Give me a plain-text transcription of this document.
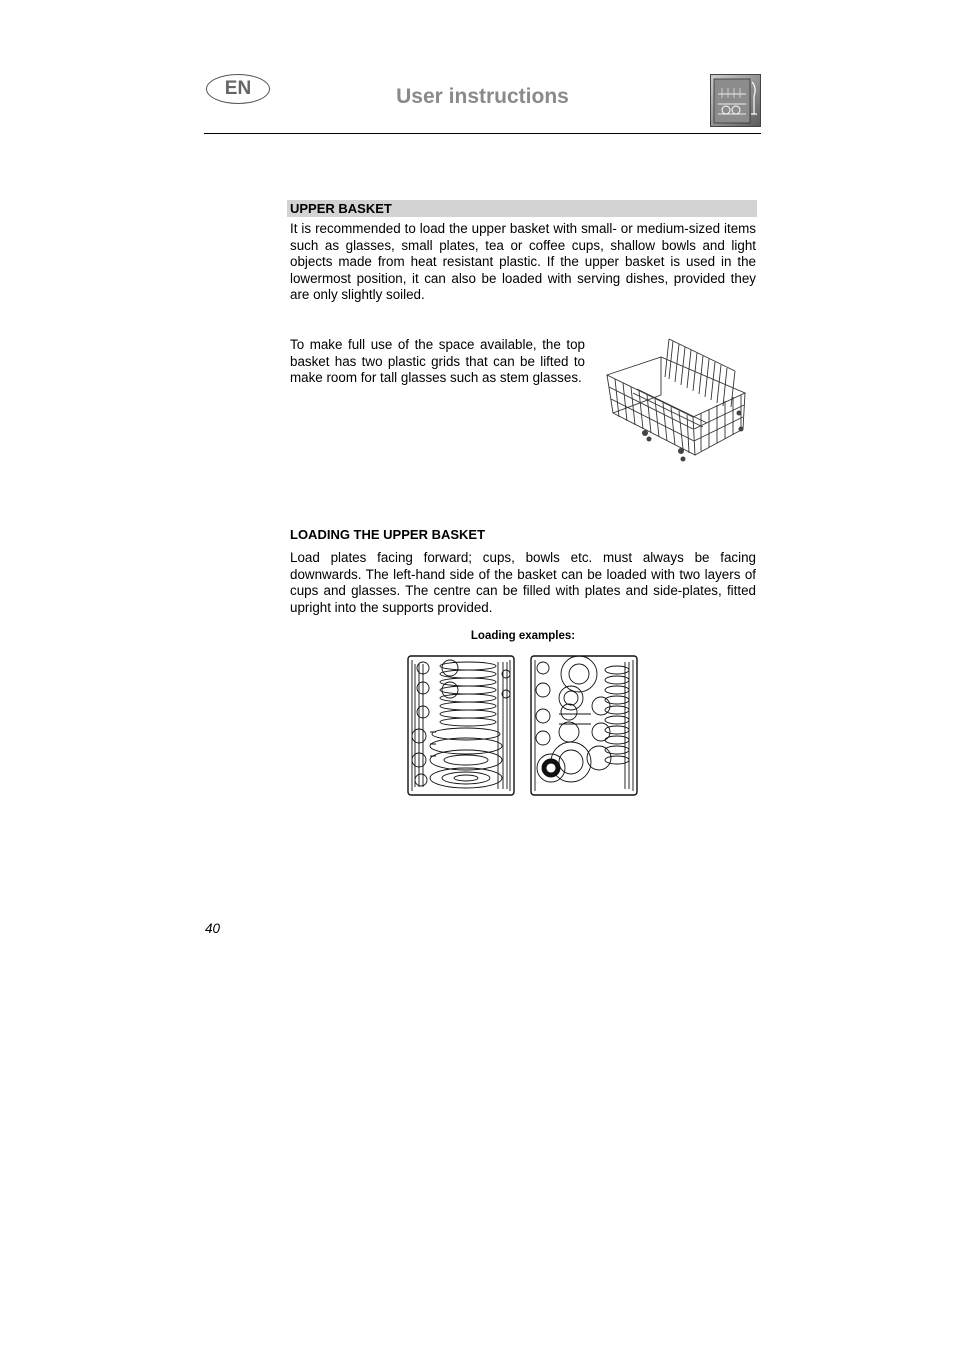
EN	User instructions
UPPER BASKET

It is recommended to load the upper basket with small- or medium-sized items such as glasses, small plates, tea or coffee cups, shallow bowls and light objects made from heat resistant plastic. If the upper basket is used in the lowermost position, it can also be loaded with serving dishes, provided they are only slightly soiled.

To make full use of the space available, the top basket has two plastic grids that can be lifted to make room for tall glasses such as stem glasses.

LOADING THE UPPER BASKET

Load plates facing forward; cups, bowls etc. must always be facing downwards. The left-hand side of the basket can be loaded with two layers of cups and glasses. The centre can be filled with plates and side-plates, fitted upright into the supports provided.

Loading examples:
40
